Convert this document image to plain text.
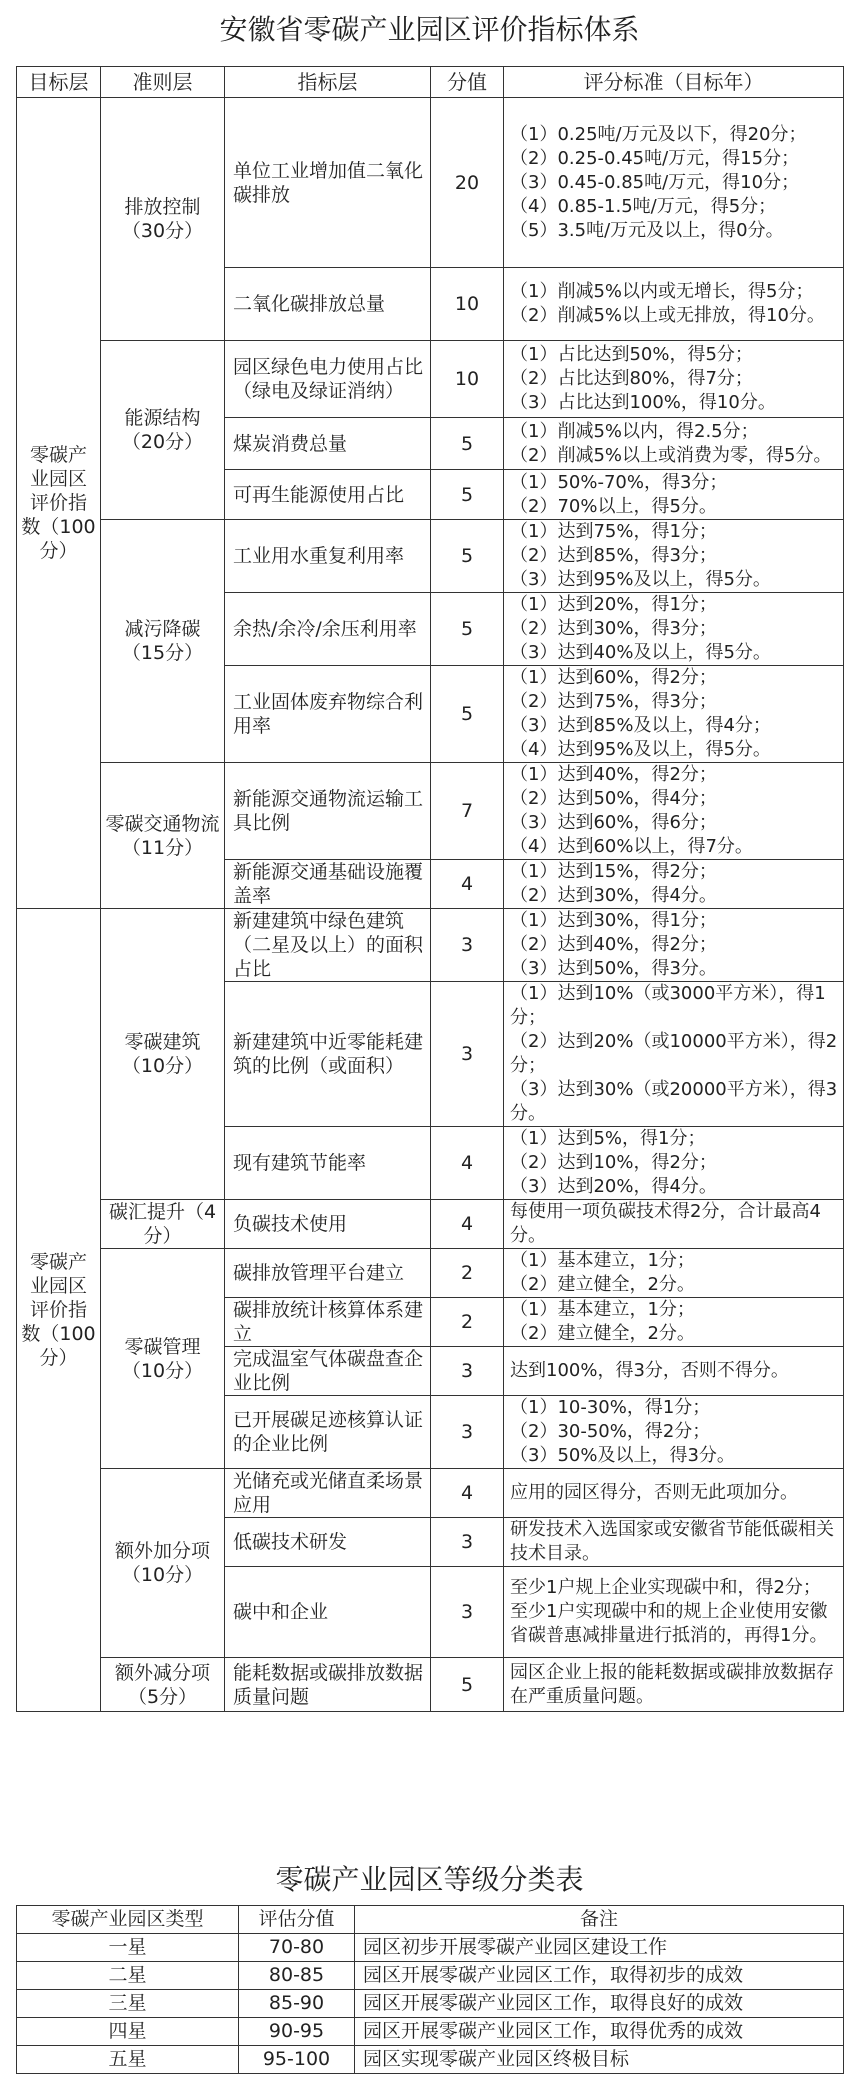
安徽省零碳产业园区评价指标体系
目标层	准则层	指标层	分值	评分标准（目标年）
零碳产业园区评价指数（100分）	排放控制（30分）	单位工业增加值二氧化碳排放	20	（1）0.25吨/万元及以下，得20分；
（2）0.25-0.45吨/万元，得15分；
（3）0.45-0.85吨/万元，得10分；
（4）0.85-1.5吨/万元，得5分；
（5）3.5吨/万元及以上，得0分。

		二氧化碳排放总量	10	（1）削减5%以内或无增长，得5分；
（2）削减5%以上或无排放，得10分。

	能源结构（20分）	园区绿色电力使用占比（绿电及绿证消纳）	10	（1）占比达到50%，得5分；
（2）占比达到80%，得7分；
（3）占比达到100%，得10分。

		煤炭消费总量	5	（1）削减5%以内，得2.5分；
（2）削减5%以上或消费为零，得5分。

		可再生能源使用占比	5	（1）50%-70%，得3分；
（2）70%以上，得5分。

	减污降碳（15分）	工业用水重复利用率	5	（1）达到75%，得1分；
（2）达到85%，得3分；
（3）达到95%及以上，得5分。

		余热/余冷/余压利用率	5	（1）达到20%，得1分；
（2）达到30%，得3分；
（3）达到40%及以上，得5分。

		工业固体废弃物综合利用率	5	（1）达到60%，得2分；
（2）达到75%，得3分；
（3）达到85%及以上，得4分；
（4）达到95%及以上，得5分。

	零碳交通物流（11分）	新能源交通物流运输工具比例	7	（1）达到40%，得2分；
（2）达到50%，得4分；
（3）达到60%，得6分；
（4）达到60%以上，得7分。

		新能源交通基础设施覆盖率	4	（1）达到15%，得2分；
（2）达到30%，得4分。

零碳产业园区评价指数（100分）	零碳建筑（10分）	新建建筑中绿色建筑（二星及以上）的面积占比	3	（1）达到30%，得1分；
（2）达到40%，得2分；
（3）达到50%，得3分。

		新建建筑中近零能耗建筑的比例（或面积）	3	（1）达到10%（或3000平方米），得1分；
（2）达到20%（或10000平方米），得2分；
（3）达到30%（或20000平方米），得3分。

		现有建筑节能率	4	（1）达到5%，得1分；
（2）达到10%，得2分；
（3）达到20%，得4分。

	碳汇提升（4分）	负碳技术使用	4	每使用一项负碳技术得2分，合计最高4分。

	零碳管理（10分）	碳排放管理平台建立	2	（1）基本建立，1分；
（2）建立健全，2分。

		碳排放统计核算体系建立	2	（1）基本建立，1分；
（2）建立健全，2分。

		完成温室气体碳盘查企业比例	3	达到100%，得3分，否则不得分。

		已开展碳足迹核算认证的企业比例	3	（1）10-30%，得1分；
（2）30-50%，得2分；
（3）50%及以上，得3分。

	额外加分项（10分）	光储充或光储直柔场景应用	4	应用的园区得分，否则无此项加分。

		低碳技术研发	3	研发技术入选国家或安徽省节能低碳相关技术目录。

		碳中和企业	3	至少1户规上企业实现碳中和，得2分；
至少1户实现碳中和的规上企业使用安徽省碳普惠减排量进行抵消的，再得1分。

	额外减分项（5分）	能耗数据或碳排放数据质量问题	5	园区企业上报的能耗数据或碳排放数据存在严重质量问题。
零碳产业园区等级分类表
零碳产业园区类型	评估分值	备注
一星	70-80	园区初步开展零碳产业园区建设工作
二星	80-85	园区开展零碳产业园区工作，取得初步的成效
三星	85-90	园区开展零碳产业园区工作，取得良好的成效
四星	90-95	园区开展零碳产业园区工作，取得优秀的成效
五星	95-100	园区实现零碳产业园区终极目标
